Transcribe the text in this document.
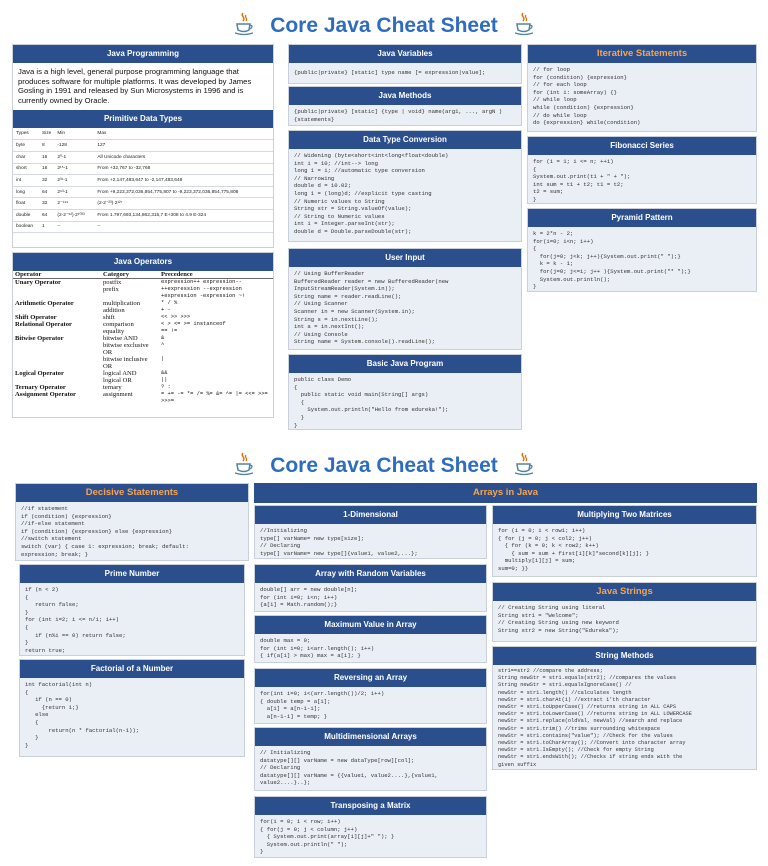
Core Java Cheat Sheet
Java Programming
Java is a high level, general purpose programming language that produces software for multiple platforms. It was developed by James Gosling in 1991 and released by Sun Microsystems in 1996 and is currently owned by Oracle.
Primitive Data Types
Types	Size	Min	Max
byte	8	-128	127
char	16	2⁰-1	All Unicode characters
short	16	2¹⁵-1	From +32,767 to -32,768
int	32	2³¹-1	From +2,147,483,647 to -2,147,483,648
long	64	2⁶³-1	From +9,223,372,036,854,775,807 to -9,223,372,036,854,775,808
float	32	2⁻¹⁴⁹	(2-2⁻²³)·2¹²⁷
double	64	(2-2⁻⁵²)·2¹⁰²³	From 1.797,693,134,862,315,7 E+308 to 4.9 E-324
boolean	1	--	--
Java Operators
Operator	Category	Precedence
Unary Operator	postfix	expression++ expression--
	prefix	++expression --expression +expression -expression ~!
Arithmetic Operator	multiplication	* / %
	addition	+ -
Shift Operator	shift	<< >> >>>
Relational Operator	comparison	< > <= >= instanceof
	equality	== !=
Bitwise Operator	bitwise AND	&
	bitwise exclusive OR	^
	bitwise inclusive OR	|
Logical Operator	logical AND	&&
	logical OR	||
Ternary Operator	ternary	? :
Assignment Operator	assignment	= += -= *= /= %= &= ^= |= <<= >>= >>>=
Java Variables
{public|private} [static] type name [= expression|value];
Java Methods
{public|private} [static] {type | void} name(arg1, ..., argN ){statements}
Data Type Conversion
// Widening (byte<short<int<long<float<double)
int i = 10; //int--> long
long 1 = i; //automatic type conversion
// Narrowing
double d = 10.02;
long 1 = (long)d; //explicit type casting
// Numeric values to String
String str = String.valueOf(value);
// String to Numeric values
int i = Integer.parseInt(str);
double d = Double.parseDouble(str);
User Input
// Using BufferReader
BufferedReader reader = new BufferedReader(new
InputStreamReader(System.in));
String name = reader.readLine();
// Using Scanner
Scanner in = new Scanner(System.in);
String s = in.nextLine();
int a = in.nextInt();
// Using Console
String name = System.console().readLine();
Basic Java Program
public class Demo
{
public static void main(String[] args)
{
System.out.println("Hello from edureka!");
}
}
Iterative Statements
// for loop
for (condition) {expression}
// for each loop
for (int i: someArray) {}
// while loop
while (condition) {expression}
// do while loop
do {expression} while(condition)
Fibonacci Series
for (i = 1; i <= n; ++i)
{
System.out.print(t1 + " + ");
int sum = t1 + t2; t1 = t2;
t2 = sum;
}
Pyramid Pattern
k = 2*n - 2;
for(i=0; i<n; i++)
{
for(j=0; j<k; j++){System.out.print(" ");}
k = k - 1;
for(j=0; j<=i; j++ ){System.out.print("* ");}
System.out.println();
}
Core Java Cheat Sheet
Decisive Statements
//if statement
if (condition) {expression}
//if-else statement
if (condition) {expression} else {expression}
//switch statement
switch (var) { case 1: expression; break; default:
expression; break; }
Prime Number
if (n < 2)
{
return false;
}
for (int i=2; i <= n/i; i++)
{
if (n%i == 0) return false;
}
return true;
Factorial of a Number
int factorial(int n)
{
if (n == 0)
{return 1;}
else
{
return(n * factorial(n-1));
}
}
Arrays in Java
1-Dimensional
//Initializing
type[] varName= new type[size];
// Declaring
type[] varName= new type[]{value1, value2,...};
Array with Random Variables
double[] arr = new double[n];
for (int i=0; i<n; i++)
{a[i] = Math.random();}
Maximum Value in Array
double max = 0;
for (int i=0; i<arr.length(); i++)
{ if(a[i] > max) max = a[i]; }
Reversing an Array
for(int i=0; i<(arr.length())/2; i++)
{ double temp = a[i];
a[i] = a[n-1-i];
a[n-1-i] = temp; }
Multidimensional Arrays
// Initializing
datatype[][] varName = new dataType[row][col];
// Declaring
datatype[][] varName = {{value1, value2....},{value1,
value2....}..};
Transposing a Matrix
for(i = 0; i < row; i++)
{ for(j = 0; j < column; j++)
{ System.out.print(array[i][j]+" "); }
System.out.println(" ");
}
Multiplying Two Matrices
for (i = 0; i < row1; i++)
{ for (j = 0; j < col2; j++)
{ for (k = 0; k < row2; k++)
{ sum = sum + first[i][k]*second[k][j]; }
multiply[i][j] = sum;
sum=0; }}
Java Strings
// Creating String using literal
String str1 = "Welcome";
// Creating String using new keyword
String str2 = new String("Edureka");
String Methods
str1==str2 //compare the address;
String newStr = str1.equals(str2); //compares the values
String newStr = str1.equalsIgnoreCase() //
newStr = str1.length() //calculates length
newStr = str1.charAt(i) //extract i'th character
newStr = str1.toUpperCase() //returns string in ALL CAPS
newStr = str1.toLowerCase() //returns string in ALL LOWERCASE
newStr = str1.replace(oldVal, newVal) //search and replace
newStr = str1.trim() //trims surrounding whitespace
newStr = str1.contains("value"); //Check for the values
newStr = str1.toCharArray(); //Convert into character array
newStr = str1.IsEmpty(); //Check for empty String
newStr = str1.endsWith(); //Checks if string ends with the
given suffix
